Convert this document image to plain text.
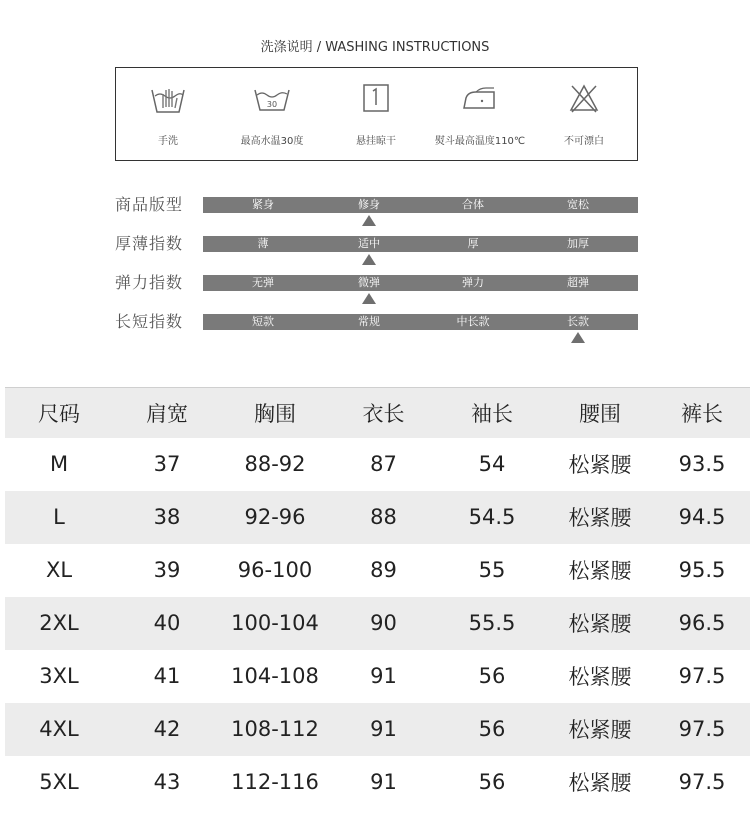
洗涤说明 / WASHING INSTRUCTIONS
手洗
30
最高水温30度	悬挂晾干	熨斗最高温度110℃	不可漂白
商品版型	紧身	修身	合体	宽松
厚薄指数	薄	适中	厚	加厚
弹力指数	无弹	微弹	弹力	超弹
长短指数	短款	常规	中长款	长款
尺码	肩宽	胸围	衣长	袖长	腰围	裤长
M	37	88-92	87	54	松紧腰	93.5
L	38	92-96	88	54.5	松紧腰	94.5
XL	39	96-100	89	55	松紧腰	95.5
2XL	40	100-104	90	55.5	松紧腰	96.5
3XL	41	104-108	91	56	松紧腰	97.5
4XL	42	108-112	91	56	松紧腰	97.5
5XL	43	112-116	91	56	松紧腰	97.5
